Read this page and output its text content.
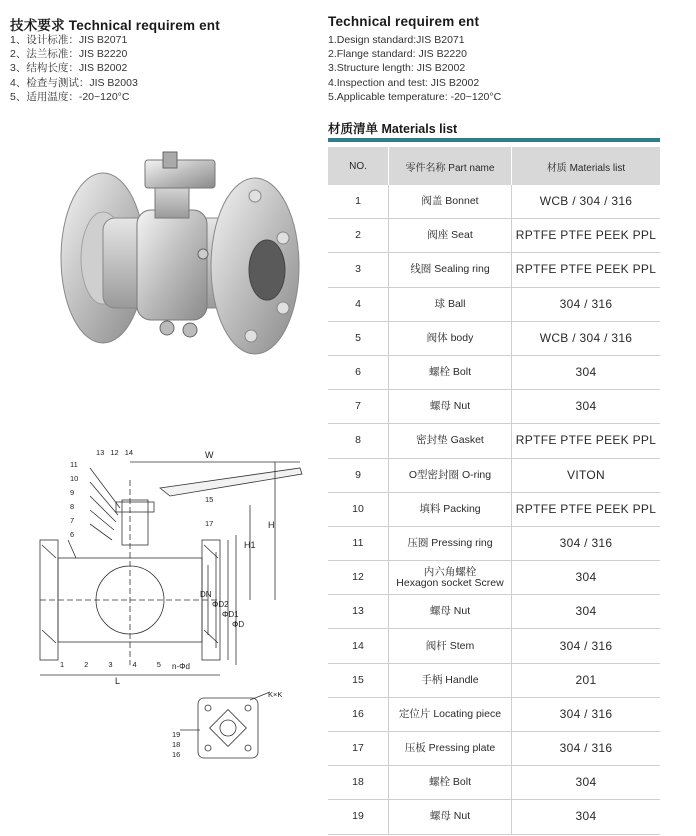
技术要求 Technical requirem ent
1、设计标准：JIS B2071
2、法兰标准：JIS B2220
3、结构长度：JIS B2002
4、检查与测试：JIS B2003
5、适用温度：-20~120°C
Technical requirem ent
1.Design standard:JIS B2071
2.Flange standard: JIS B2220
3.Structure length: JIS B2002
4.Inspection and test: JIS B2002
5.Applicable temperature: -20~120°C
W
H
H1
L
DN
ΦD2
ΦD1
ΦD
n-Φd
11
10
9
8
7
6
13 12 14
15
17
1	2	3	4	5
K×K
19
18
16
材质清单 Materials list
NO.	零件名称 Part name	材质 Materials list
1	阀盖 Bonnet	WCB / 304 / 316
2	阀座 Seat	RPTFE PTFE PEEK PPL
3	线圈 Sealing ring	RPTFE PTFE PEEK PPL
4	球 Ball	304 / 316
5	阀体 body	WCB / 304 / 316
6	螺栓 Bolt	304
7	螺母 Nut	304
8	密封垫 Gasket	RPTFE PTFE PEEK PPL
9	O型密封圈 O-ring	VITON
10	填料 Packing	RPTFE PTFE PEEK PPL
11	压圈 Pressing ring	304 / 316
12	内六角螺栓
Hexagon socket Screw	304
13	螺母 Nut	304
14	阀杆 Stem	304 / 316
15	手柄 Handle	201
16	定位片 Locating piece	304 / 316
17	压板 Pressing plate	304 / 316
18	螺栓 Bolt	304
19	螺母 Nut	304
